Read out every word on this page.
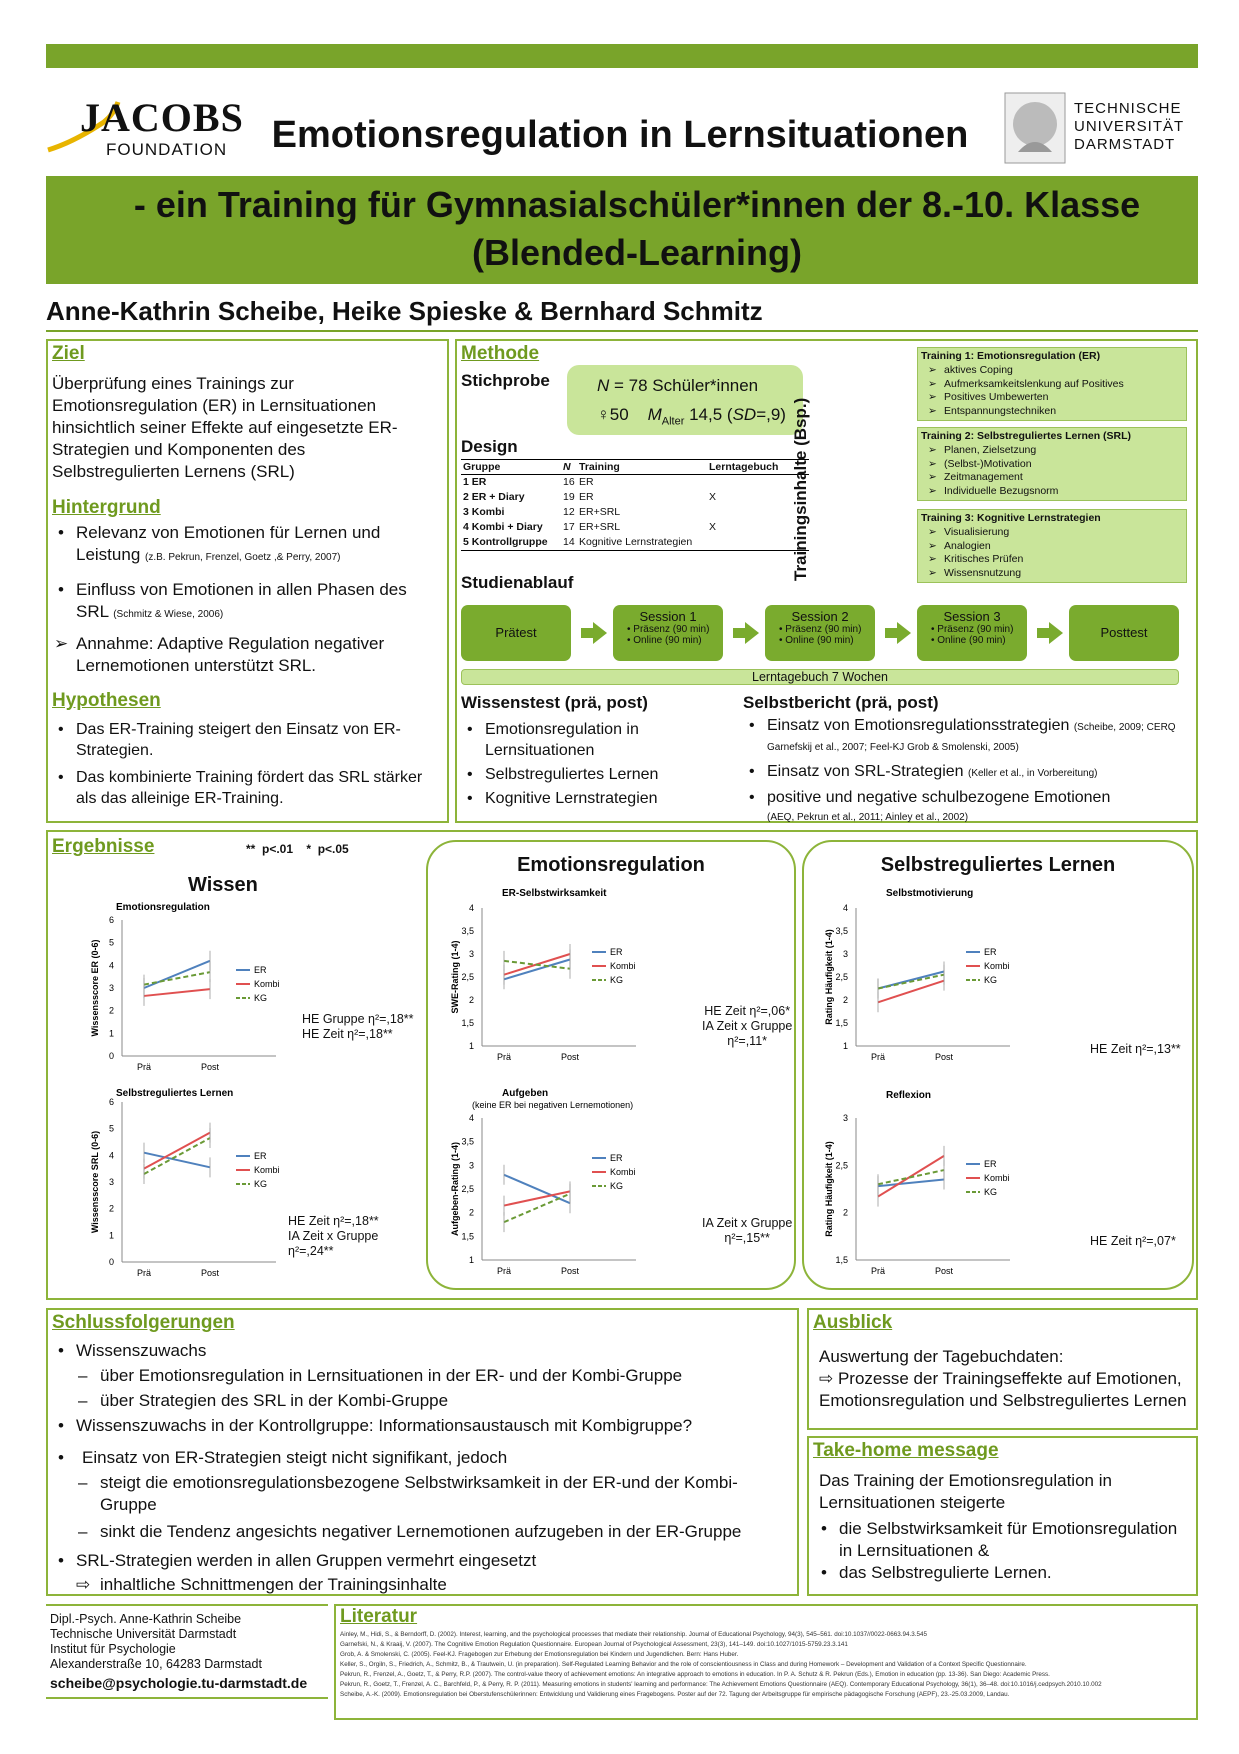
JACOBS
FOUNDATION	Emotionsregulation in Lernsituationen
TECHNISCHE
UNIVERSITÄT
DARMSTADT
- ein Training für Gymnasialschüler*innen der 8.-10. Klasse
(Blended-Learning)
Anne-Kathrin Scheibe, Heike Spieske & Bernhard Schmitz
Ziel
Überprüfung eines Trainings zur Emotionsregulation (ER) in Lernsituationen hinsichtlich seiner Effekte auf eingesetzte ER-Strategien und Komponenten des Selbstregulierten Lernens (SRL)
Hintergrund
• Relevanz von Emotionen für Lernen und Leistung (z.B. Pekrun, Frenzel, Goetz ,& Perry, 2007)
• Einfluss von Emotionen in allen Phasen des SRL (Schmitz & Wiese, 2006)
➢ Annahme: Adaptive Regulation negativer Lernemotionen unterstützt SRL.
Hypothesen
• Das ER-Training steigert den Einsatz von ER-Strategien.
• Das kombinierte Training fördert das SRL stärker als das alleinige ER-Training.
Methode
Stichprobe	N = 78 Schüler*innen
♀50 $M_{Alter}$ 14,5 (SD=,9)
Design
Gruppe	N	Training	Lerntagebuch
1 ER	16	ER	
2 ER + Diary	19	ER	X
3 Kombi	12	ER+SRL	
4 Kombi + Diary	17	ER+SRL	X
5 Kontrollgruppe	14	Kognitive Lernstrategien		Trainingsinhalte (Bsp.)
Training 1: Emotionsregulation (ER)
➢ aktives Coping
➢ Aufmerksamkeitslenkung auf Positives
➢ Positives Umbewerten
➢ Entspannungstechniken
Training 2: Selbstreguliertes Lernen (SRL)
➢ Planen, Zielsetzung
➢ (Selbst-)Motivation
➢ Zeitmanagement
➢ Individuelle Bezugsnorm
Training 3: Kognitive Lernstrategien
➢ Visualisierung
➢ Analogien
➢ Kritisches Prüfen
➢ Wissensnutzung
Studienablauf
Prätest
Session 1
• Präsenz (90 min)
• Online (90 min)
Session 2
• Präsenz (90 min)
• Online (90 min)
Session 3
• Präsenz (90 min)
• Online (90 min)
Posttest
Lerntagebuch 7 Wochen
Wissenstest (prä, post)
• Emotionsregulation in Lernsituationen
• Selbstreguliertes Lernen
• Kognitive Lernstrategien
Selbstbericht (prä, post)
• Einsatz von Emotionsregulationsstrategien (Scheibe, 2009; CERQ Garnefskij et al., 2007; Feel-KJ Grob & Smolenski, 2005)
• Einsatz von SRL-Strategien (Keller et al., in Vorbereitung)
• positive und negative schulbezogene Emotionen
(AEQ, Pekrun et al., 2011; Ainley et al., 2002)
Ergebnisse	**  p<.01    *  p<.05
Wissen
Emotionsregulation	Selbstreguliertes Lernen
Emotionsregulation
0
1
2
3
4
5
6
Prä	Post
Wissensscore ER (0-6)	ER
Kombi
KG
Selbstreguliertes Lernen
0
1
2
3
4
5
6
Prä	Post
Wissensscore SRL (0-6)	ER
Kombi
KG
ER-Selbstwirksamkeit
1
1,5
2
2,5
3
3,5
4
Prä	Post
SWE-Rating (1-4)	ER
Kombi
KG
Aufgeben
(keine ER bei negativen Lernemotionen)
1
1,5
2
2,5
3
3,5
4
Prä	Post
Aufgeben-Rating (1-4)	ER
Kombi
KG
Selbstmotivierung
1
1,5
2
2,5
3
3,5
4
Prä	Post
Rating Häufigkeit (1-4)	ER
Kombi
KG
Reflexion
1,5
2
2,5
3
Prä	Post
Rating Häufigkeit (1-4)	ER
Kombi
KG
HE Gruppe η²=,18**
HE Zeit η²=,18**
HE Zeit η²=,18**
IA Zeit x Gruppe
η²=,24**
HE Zeit η²=,06*
IA Zeit x Gruppe
η²=,11*
IA Zeit x Gruppe
η²=,15**
HE Zeit η²=,13**
HE Zeit η²=,07*
Schlussfolgerungen
• Wissenszuwachs
– über Emotionsregulation in Lernsituationen in der ER- und der Kombi-Gruppe
– über Strategien des SRL in der Kombi-Gruppe
• Wissenszuwachs in der Kontrollgruppe: Informationsaustausch mit Kombigruppe?
• Einsatz von ER-Strategien steigt nicht signifikant, jedoch
– steigt die emotionsregulationsbezogene Selbstwirksamkeit in der ER-und der Kombi-Gruppe
– sinkt die Tendenz angesichts negativer Lernemotionen aufzugeben in der ER-Gruppe
• SRL-Strategien werden in allen Gruppen vermehrt eingesetzt
⇨ inhaltliche Schnittmengen der Trainingsinhalte
Ausblick
Auswertung der Tagebuchdaten:
⇨ Prozesse der Trainingseffekte auf Emotionen, Emotionsregulation und Selbstreguliertes Lernen
Take-home message
Das Training der Emotionsregulation in Lernsituationen steigerte
• die Selbstwirksamkeit für Emotionsregulation in Lernsituationen &
• das Selbstregulierte Lernen.
Dipl.-Psych. Anne-Kathrin Scheibe
Technische Universität Darmstadt
Institut für Psychologie
Alexanderstraße 10, 64283 Darmstadt
scheibe@psychologie.tu-darmstadt.de
Literatur
Ainley, M., Hidi, S., & Berndorff, D. (2002). Interest, learning, and the psychological processes that mediate their relationship. Journal of Educational Psychology, 94(3), 545–561. doi:10.1037//0022-0663.94.3.545
Garnefski, N., & Kraaij, V. (2007). The Cognitive Emotion Regulation Questionnaire. European Journal of Psychological Assessment, 23(3), 141–149. doi:10.1027/1015-5759.23.3.141
Grob, A. & Smolenski, C. (2005). Feel-KJ. Fragebogen zur Erhebung der Emotionsregulation bei Kindern und Jugendlichen. Bern: Hans Huber.
Keller, S., Orgiln, S., Friedrich, A., Schmitz, B., & Trautwein, U. (in preparation). Self-Regulated Learning Behavior and the role of conscientiousness in Class and during Homework – Development and Validation of a Context Specific Questionnaire.
Pekrun, R., Frenzel, A., Goetz, T., & Perry, R.P. (2007). The control-value theory of achievement emotions: An integrative approach to emotions in education. In P. A. Schutz & R. Pekrun (Eds.), Emotion in education (pp. 13-36). San Diego: Academic Press.
Pekrun, R., Goetz, T., Frenzel, A. C., Barchfeld, P., & Perry, R. P. (2011). Measuring emotions in students' learning and performance: The Achievement Emotions Questionnaire (AEQ). Contemporary Educational Psychology, 36(1), 36–48. doi:10.1016/j.cedpsych.2010.10.002
Scheibe, A.-K. (2009). Emotionsregulation bei Oberstufenschülerinnen: Entwicklung und Validierung eines Fragebogens. Poster auf der 72. Tagung der Arbeitsgruppe für empirische pädagogische Forschung (AEPF), 23.-25.03.2009, Landau.
